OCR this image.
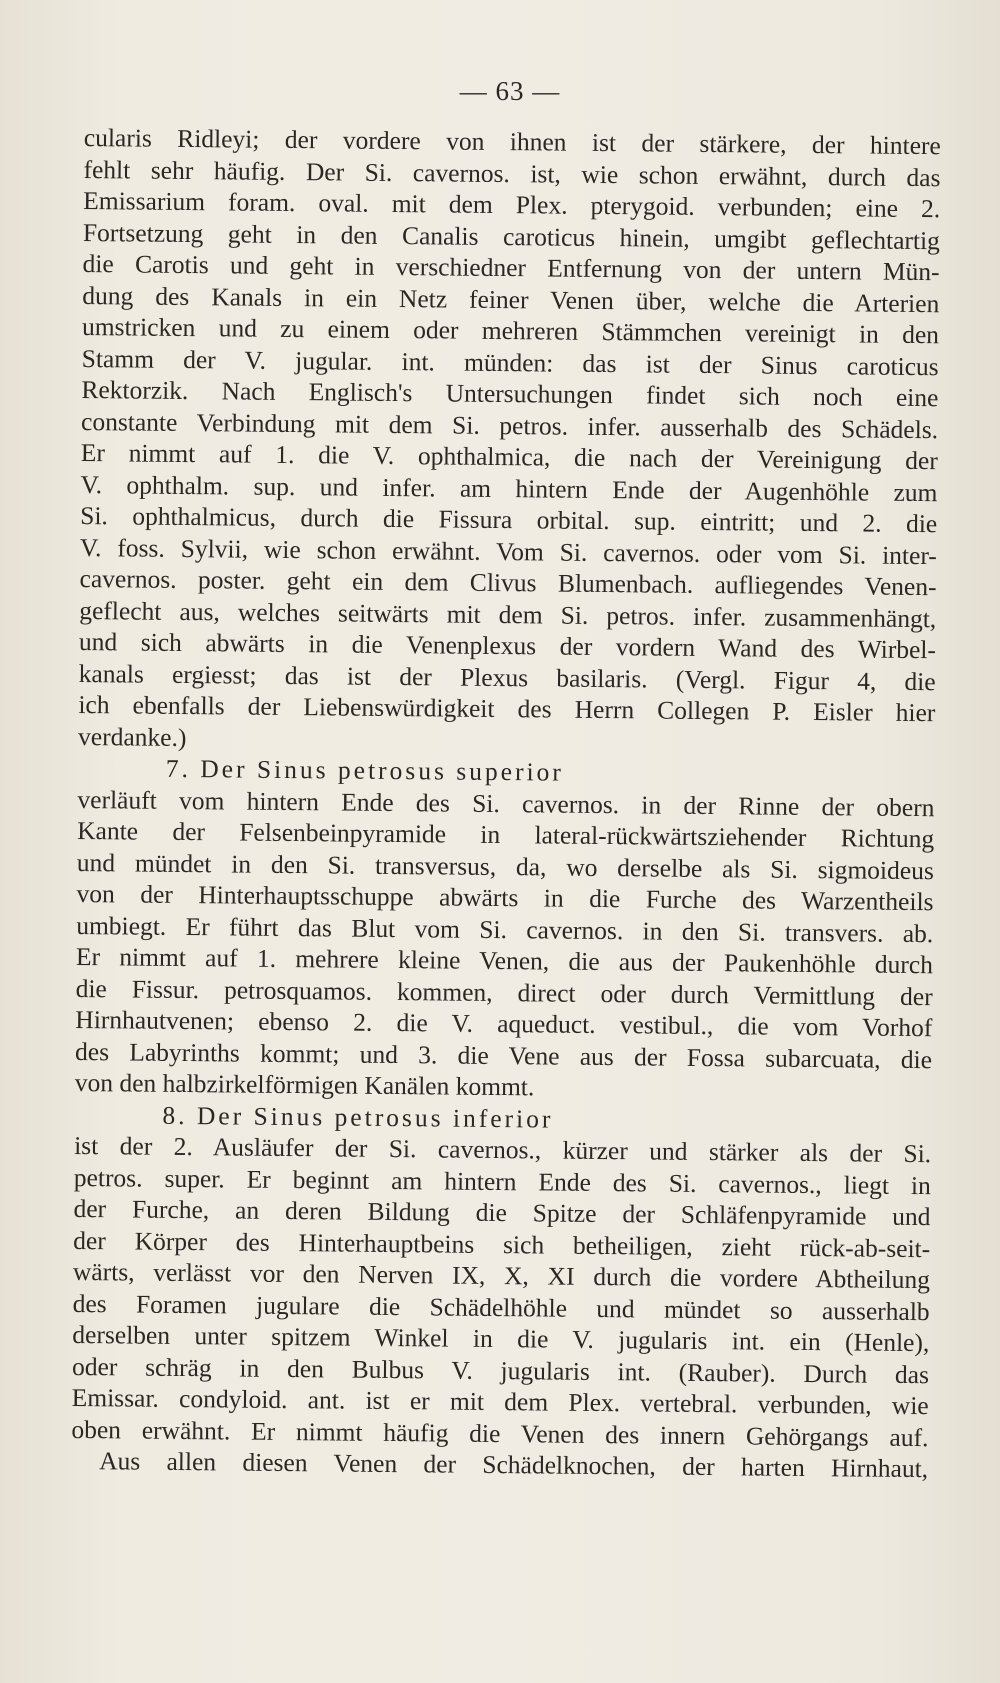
— 63 —
cularis Ridleyi; der vordere von ihnen ist der stärkere, der hintere
fehlt sehr häufig. Der Si. cavernos. ist, wie schon erwähnt, durch das
Emissarium foram. oval. mit dem Plex. pterygoid. verbunden; eine 2.
Fortsetzung geht in den Canalis caroticus hinein, umgibt geflechtartig
die Carotis und geht in verschiedner Entfernung von der untern Mün-
dung des Kanals in ein Netz feiner Venen über, welche die Arterien
umstricken und zu einem oder mehreren Stämmchen vereinigt in den
Stamm der V. jugular. int. münden: das ist der Sinus caroticus
Rektorzik. Nach Englisch's Untersuchungen findet sich noch eine
constante Verbindung mit dem Si. petros. infer. ausserhalb des Schädels.
Er nimmt auf 1. die V. ophthalmica, die nach der Vereinigung der
V. ophthalm. sup. und infer. am hintern Ende der Augenhöhle zum
Si. ophthalmicus, durch die Fissura orbital. sup. eintritt; und 2. die
V. foss. Sylvii, wie schon erwähnt. Vom Si. cavernos. oder vom Si. inter-
cavernos. poster. geht ein dem Clivus Blumenbach. aufliegendes Venen-
geflecht aus, welches seitwärts mit dem Si. petros. infer. zusammenhängt,
und sich abwärts in die Venenplexus der vordern Wand des Wirbel-
kanals ergiesst; das ist der Plexus basilaris. (Vergl. Figur 4, die
ich ebenfalls der Liebenswürdigkeit des Herrn Collegen P. Eisler hier
verdanke.)
7. Der Sinus petrosus superior
verläuft vom hintern Ende des Si. cavernos. in der Rinne der obern
Kante der Felsenbeinpyramide in lateral-rückwärtsziehender Richtung
und mündet in den Si. transversus, da, wo derselbe als Si. sigmoideus
von der Hinterhauptsschuppe abwärts in die Furche des Warzentheils
umbiegt. Er führt das Blut vom Si. cavernos. in den Si. transvers. ab.
Er nimmt auf 1. mehrere kleine Venen, die aus der Paukenhöhle durch
die Fissur. petrosquamos. kommen, direct oder durch Vermittlung der
Hirnhautvenen; ebenso 2. die V. aqueduct. vestibul., die vom Vorhof
des Labyrinths kommt; und 3. die Vene aus der Fossa subarcuata, die
von den halbzirkelförmigen Kanälen kommt.
8. Der Sinus petrosus inferior
ist der 2. Ausläufer der Si. cavernos., kürzer und stärker als der Si.
petros. super. Er beginnt am hintern Ende des Si. cavernos., liegt in
der Furche, an deren Bildung die Spitze der Schläfenpyramide und
der Körper des Hinterhauptbeins sich betheiligen, zieht rück-ab-seit-
wärts, verlässt vor den Nerven IX, X, XI durch die vordere Abtheilung
des Foramen jugulare die Schädelhöhle und mündet so ausserhalb
derselben unter spitzem Winkel in die V. jugularis int. ein (Henle),
oder schräg in den Bulbus V. jugularis int. (Rauber). Durch das
Emissar. condyloid. ant. ist er mit dem Plex. vertebral. verbunden, wie
oben erwähnt. Er nimmt häufig die Venen des innern Gehörgangs auf.
Aus allen diesen Venen der Schädelknochen, der harten Hirnhaut,
